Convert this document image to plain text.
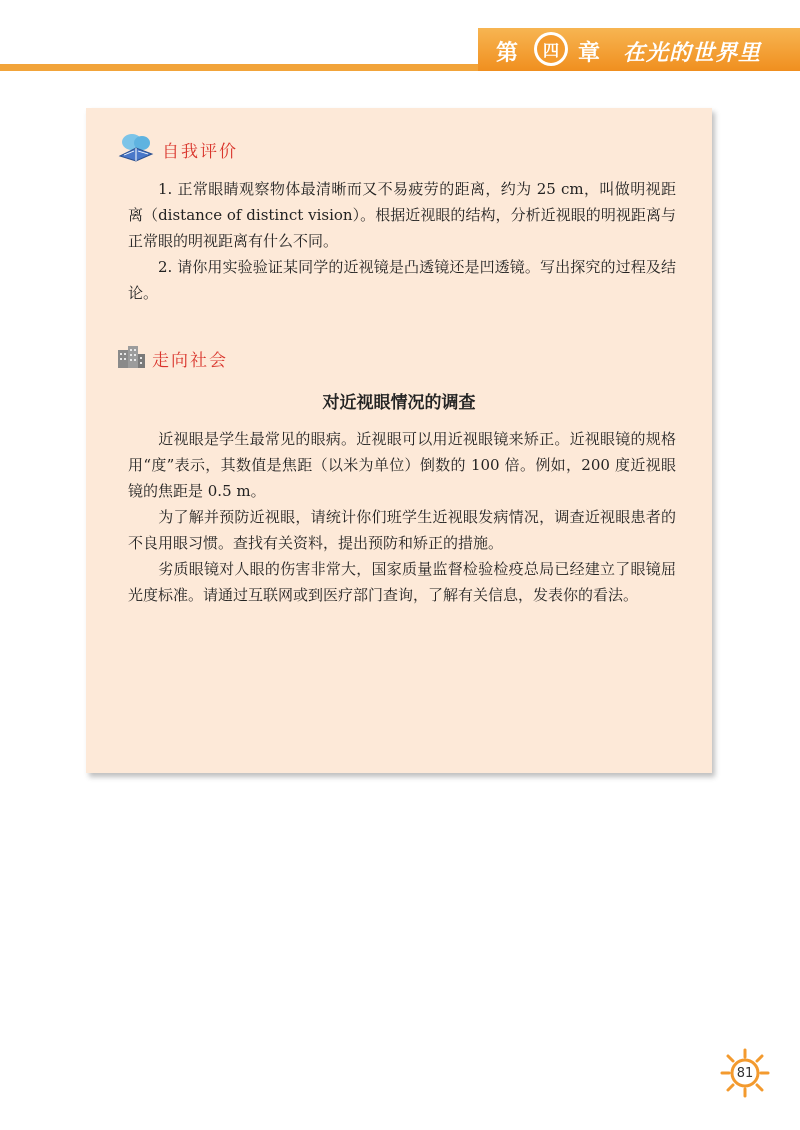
第	四 章 在光的世界里
自我评价

1. 正常眼睛观察物体最清晰而又不易疲劳的距离，约为 25 cm，叫做明视距离（distance of distinct vision）。根据近视眼的结构，分析近视眼的明视距离与正常眼的明视距离有什么不同。

2. 请你用实验验证某同学的近视镜是凸透镜还是凹透镜。写出探究的过程及结论。

走向社会
对近视眼情况的调查

近视眼是学生最常见的眼病。近视眼可以用近视眼镜来矫正。近视眼镜的规格用“度”表示，其数值是焦距（以米为单位）倒数的 100 倍。例如，200 度近视眼镜的焦距是 0.5 m。

为了解并预防近视眼，请统计你们班学生近视眼发病情况，调查近视眼患者的不良用眼习惯。查找有关资料，提出预防和矫正的措施。

劣质眼镜对人眼的伤害非常大，国家质量监督检验检疫总局已经建立了眼镜屈光度标准。请通过互联网或到医疗部门查询，了解有关信息，发表你的看法。

81
